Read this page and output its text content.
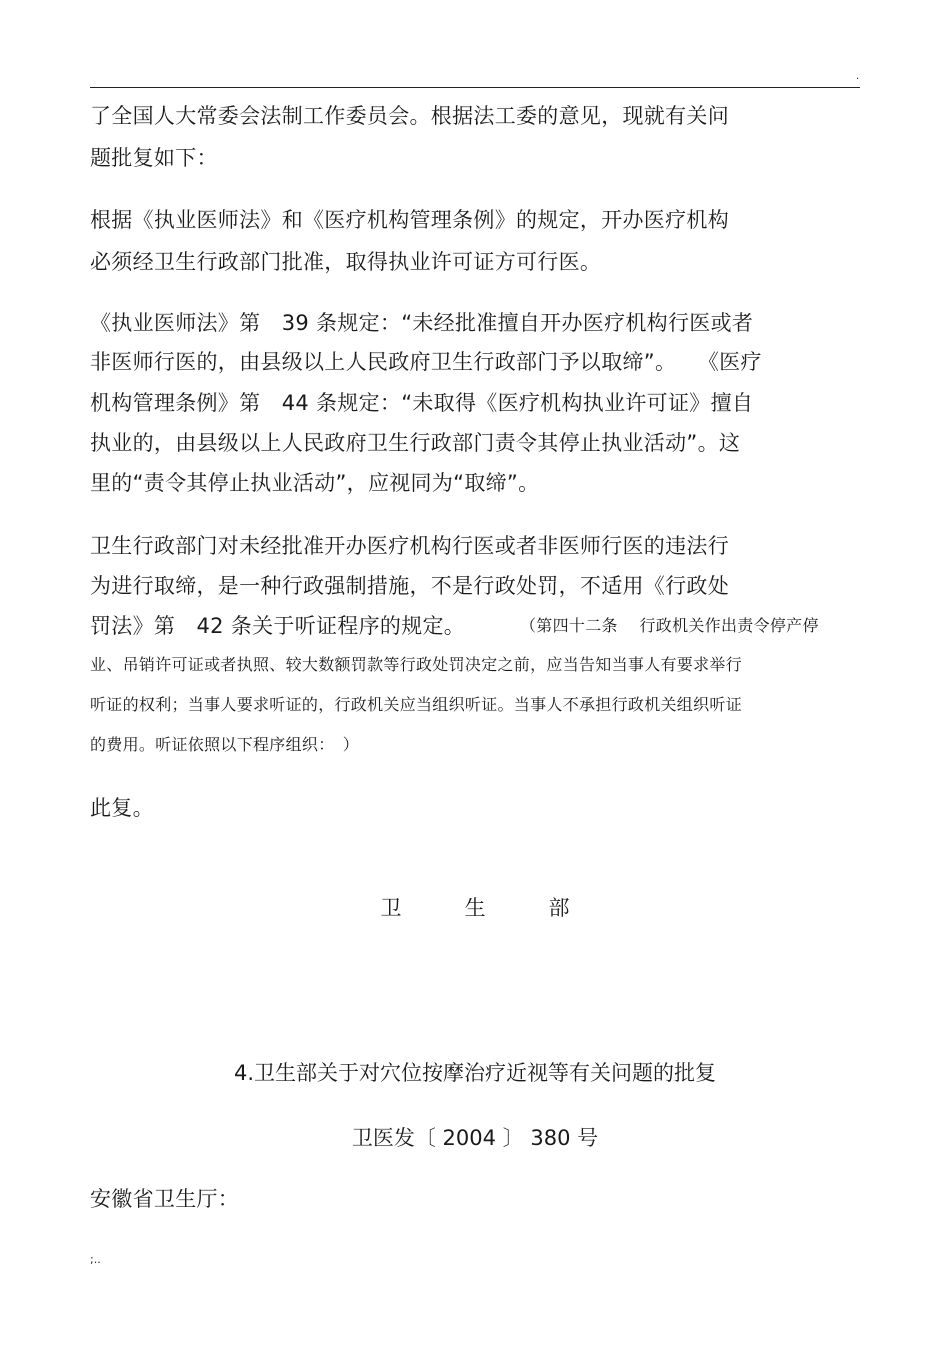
.
了全国人大常委会法制工作委员会。根据法工委的意见，现就有关问
题批复如下：
根据《执业医师法》和《医疗机构管理条例》的规定，开办医疗机构
必须经卫生行政部门批准，取得执业许可证方可行医。
《执业医师法》第　39 条规定：“未经批准擅自开办医疗机构行医或者
非医师行医的，由县级以上人民政府卫生行政部门予以取缔”。　　《医疗
机构管理条例》第　44 条规定：“未取得《医疗机构执业许可证》擅自
执业的，由县级以上人民政府卫生行政部门责令其停止执业活动”。这
里的“责令其停止执业活动”，应视同为“取缔”。
卫生行政部门对未经批准开办医疗机构行医或者非医师行医的违法行
为进行取缔，是一种行政强制措施，不是行政处罚，不适用《行政处
罚法》第　42 条关于听证程序的规定。	（第四十二条　 行政机关作出责令停产停
业、吊销许可证或者执照、较大数额罚款等行政处罚决定之前，应当告知当事人有要求举行
听证的权利；当事人要求听证的，行政机关应当组织听证。当事人不承担行政机关组织听证
的费用。听证依照以下程序组织：　）
此复。
卫　　　生　　　部
4.卫生部关于对穴位按摩治疗近视等有关问题的批复
卫医发〔 2004 〕 380 号
安徽省卫生厅：
;..
